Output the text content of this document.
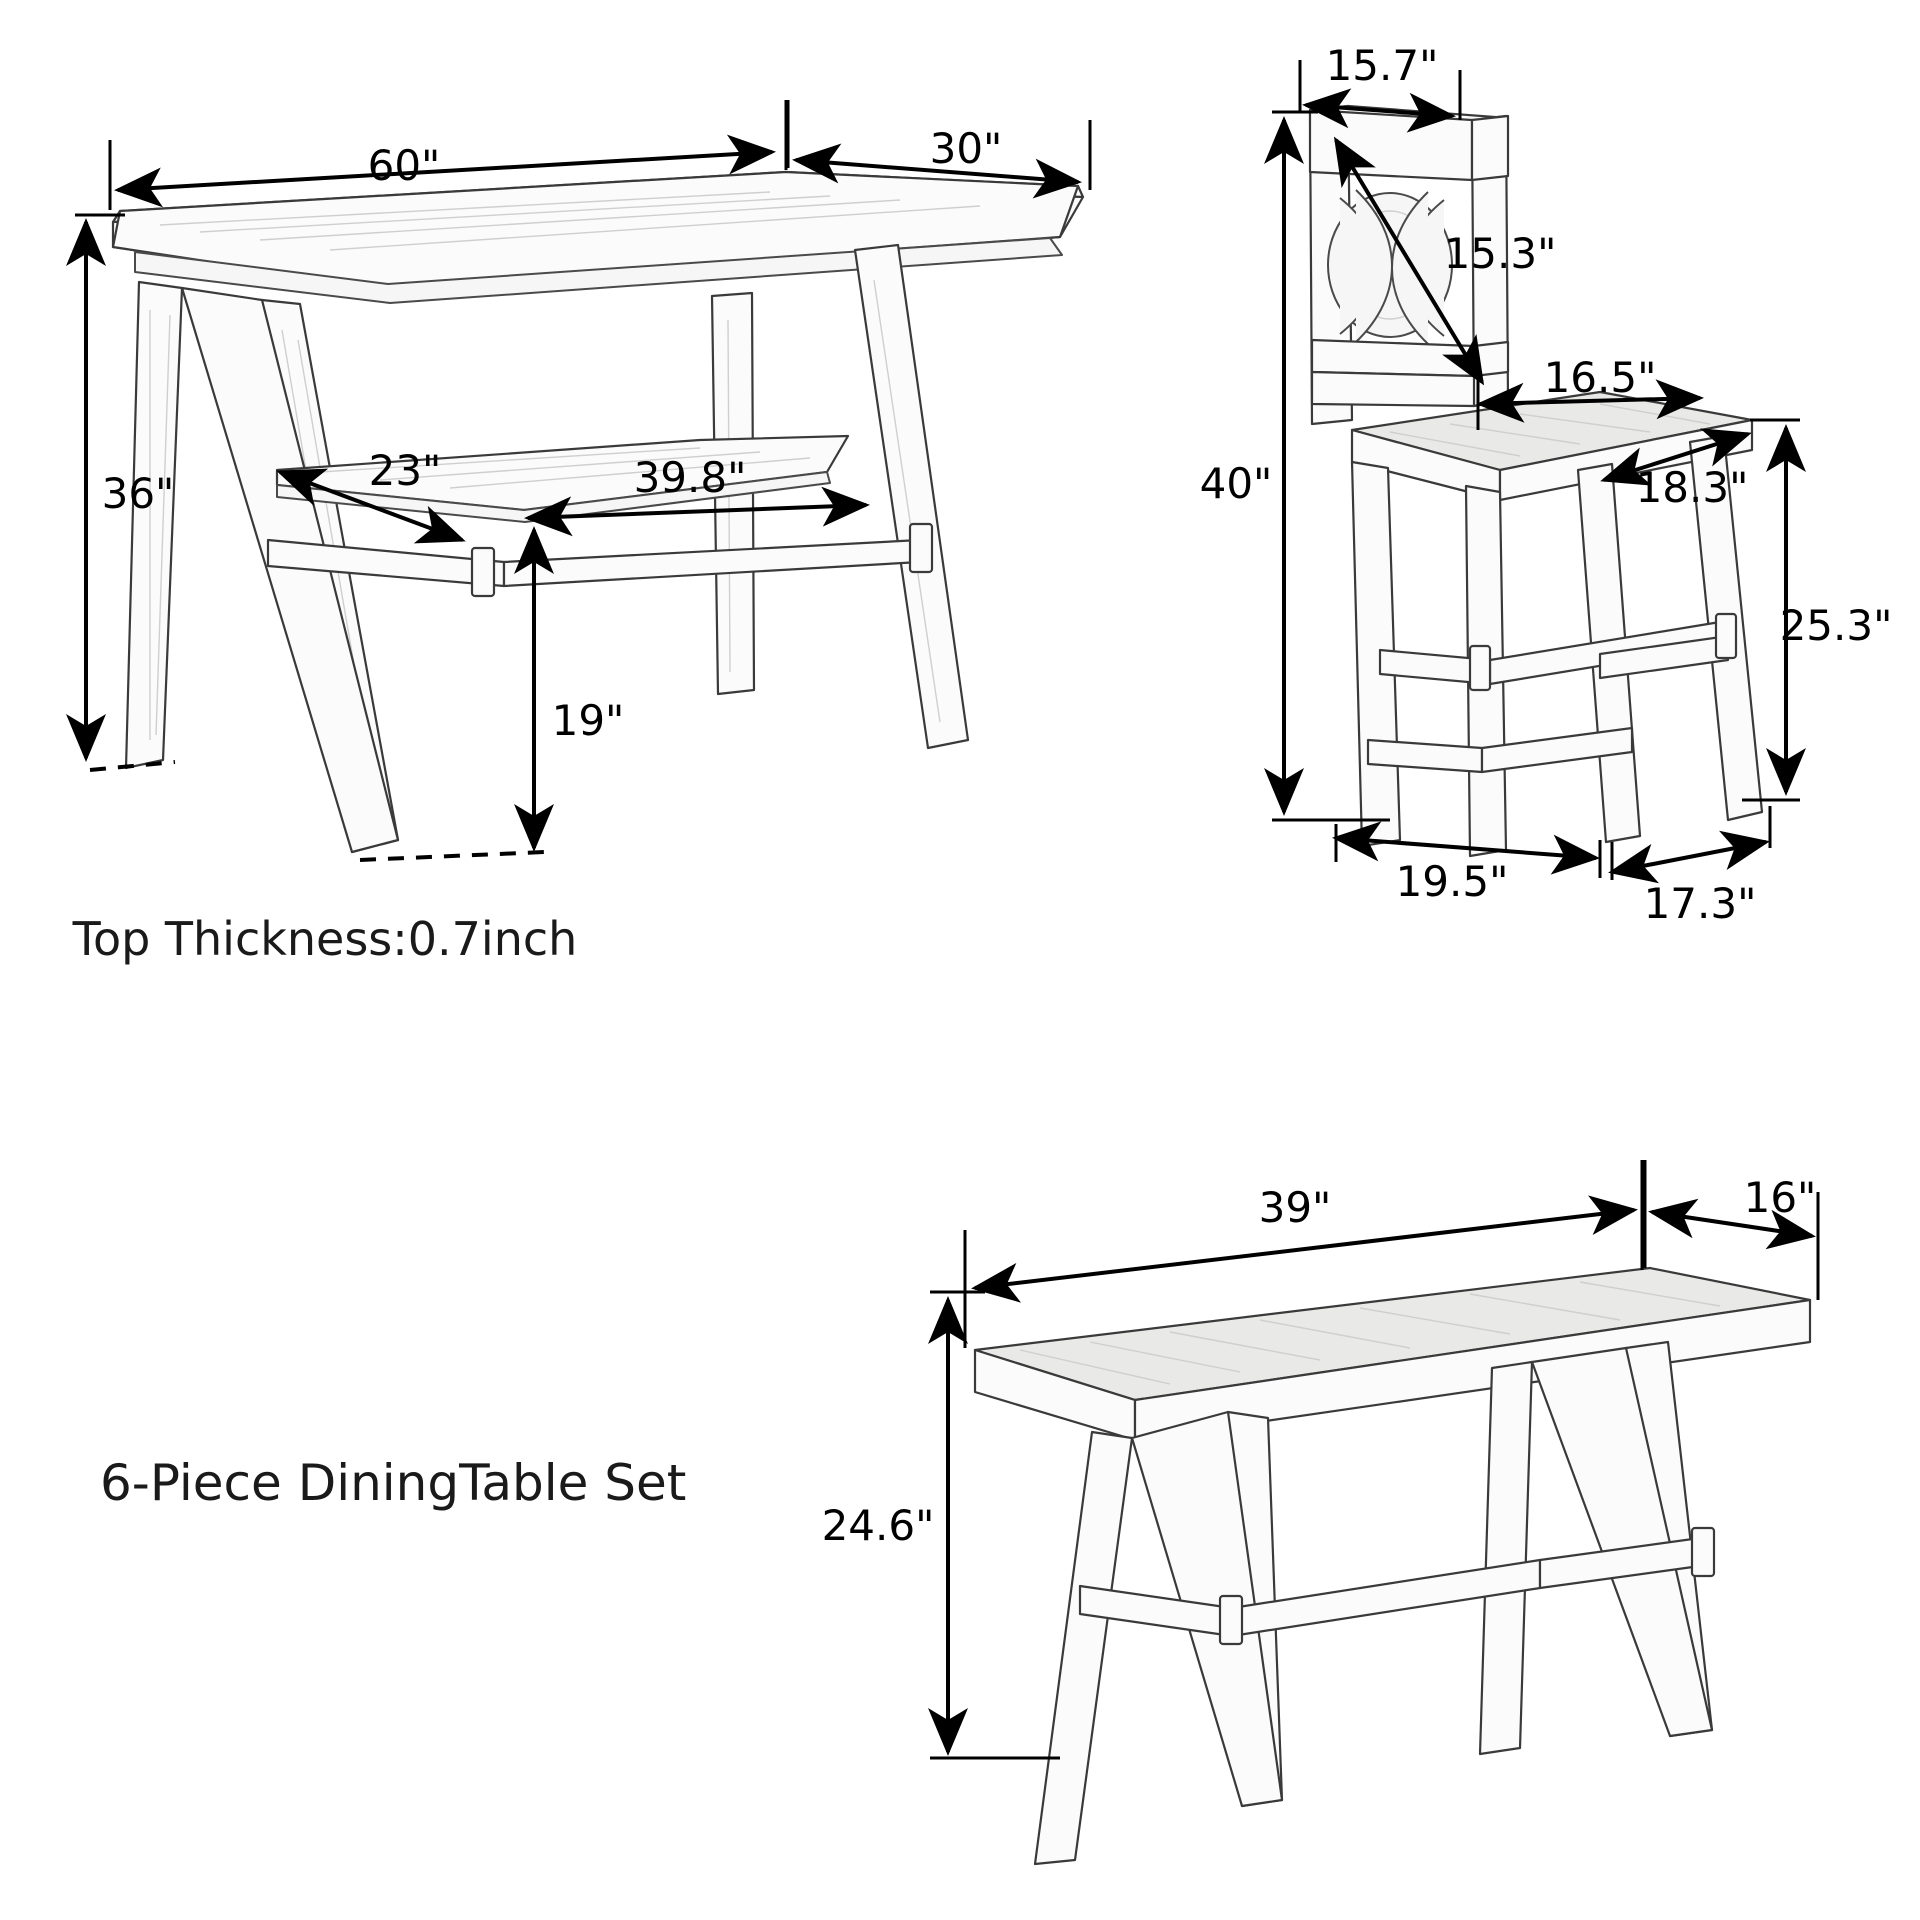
60"	30"
36"	23"	39.8"
19"
Top Thickness:0.7inch
15.7"
15.3"
16.5"
18.3"
40"
25.3"
19.5"	17.3"
39"	16"
24.6"
6-Piece DiningTable Set
